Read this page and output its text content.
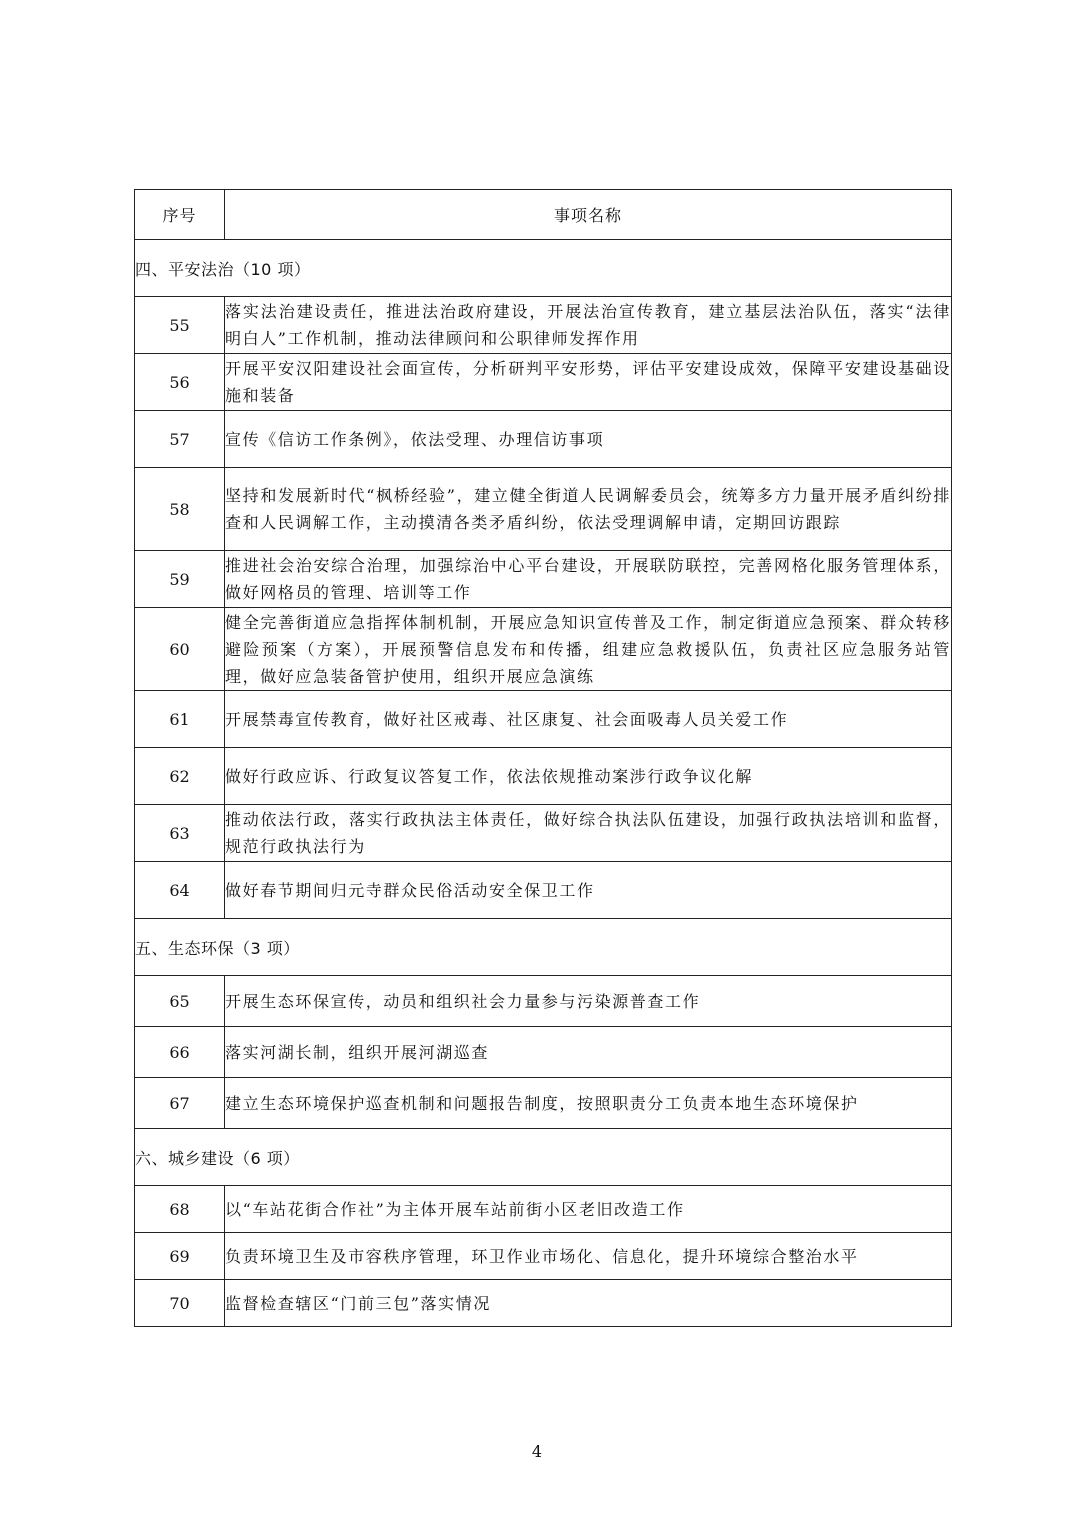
序号	事项名称
四、平安法治（10 项）	
55	落实法治建设责任，推进法治政府建设，开展法治宣传教育，建立基层法治队伍，落实“法律明白人”工作机制，推动法律顾问和公职律师发挥作用
56	开展平安汉阳建设社会面宣传，分析研判平安形势，评估平安建设成效，保障平安建设基础设施和装备
57	宣传《信访工作条例》，依法受理、办理信访事项
58	坚持和发展新时代“枫桥经验”，建立健全街道人民调解委员会，统筹多方力量开展矛盾纠纷排查和人民调解工作，主动摸清各类矛盾纠纷，依法受理调解申请，定期回访跟踪
59	推进社会治安综合治理，加强综治中心平台建设，开展联防联控，完善网格化服务管理体系，做好网格员的管理、培训等工作
60	健全完善街道应急指挥体制机制，开展应急知识宣传普及工作，制定街道应急预案、群众转移避险预案（方案），开展预警信息发布和传播，组建应急救援队伍，负责社区应急服务站管理，做好应急装备管护使用，组织开展应急演练
61	开展禁毒宣传教育，做好社区戒毒、社区康复、社会面吸毒人员关爱工作
62	做好行政应诉、行政复议答复工作，依法依规推动案涉行政争议化解
63	推动依法行政，落实行政执法主体责任，做好综合执法队伍建设，加强行政执法培训和监督，规范行政执法行为
64	做好春节期间归元寺群众民俗活动安全保卫工作
五、生态环保（3 项）	
65	开展生态环保宣传，动员和组织社会力量参与污染源普查工作
66	落实河湖长制，组织开展河湖巡查
67	建立生态环境保护巡查机制和问题报告制度，按照职责分工负责本地生态环境保护
六、城乡建设（6 项）	
68	以“车站花街合作社”为主体开展车站前街小区老旧改造工作
69	负责环境卫生及市容秩序管理，环卫作业市场化、信息化，提升环境综合整治水平
70	监督检查辖区“门前三包”落实情况
4
